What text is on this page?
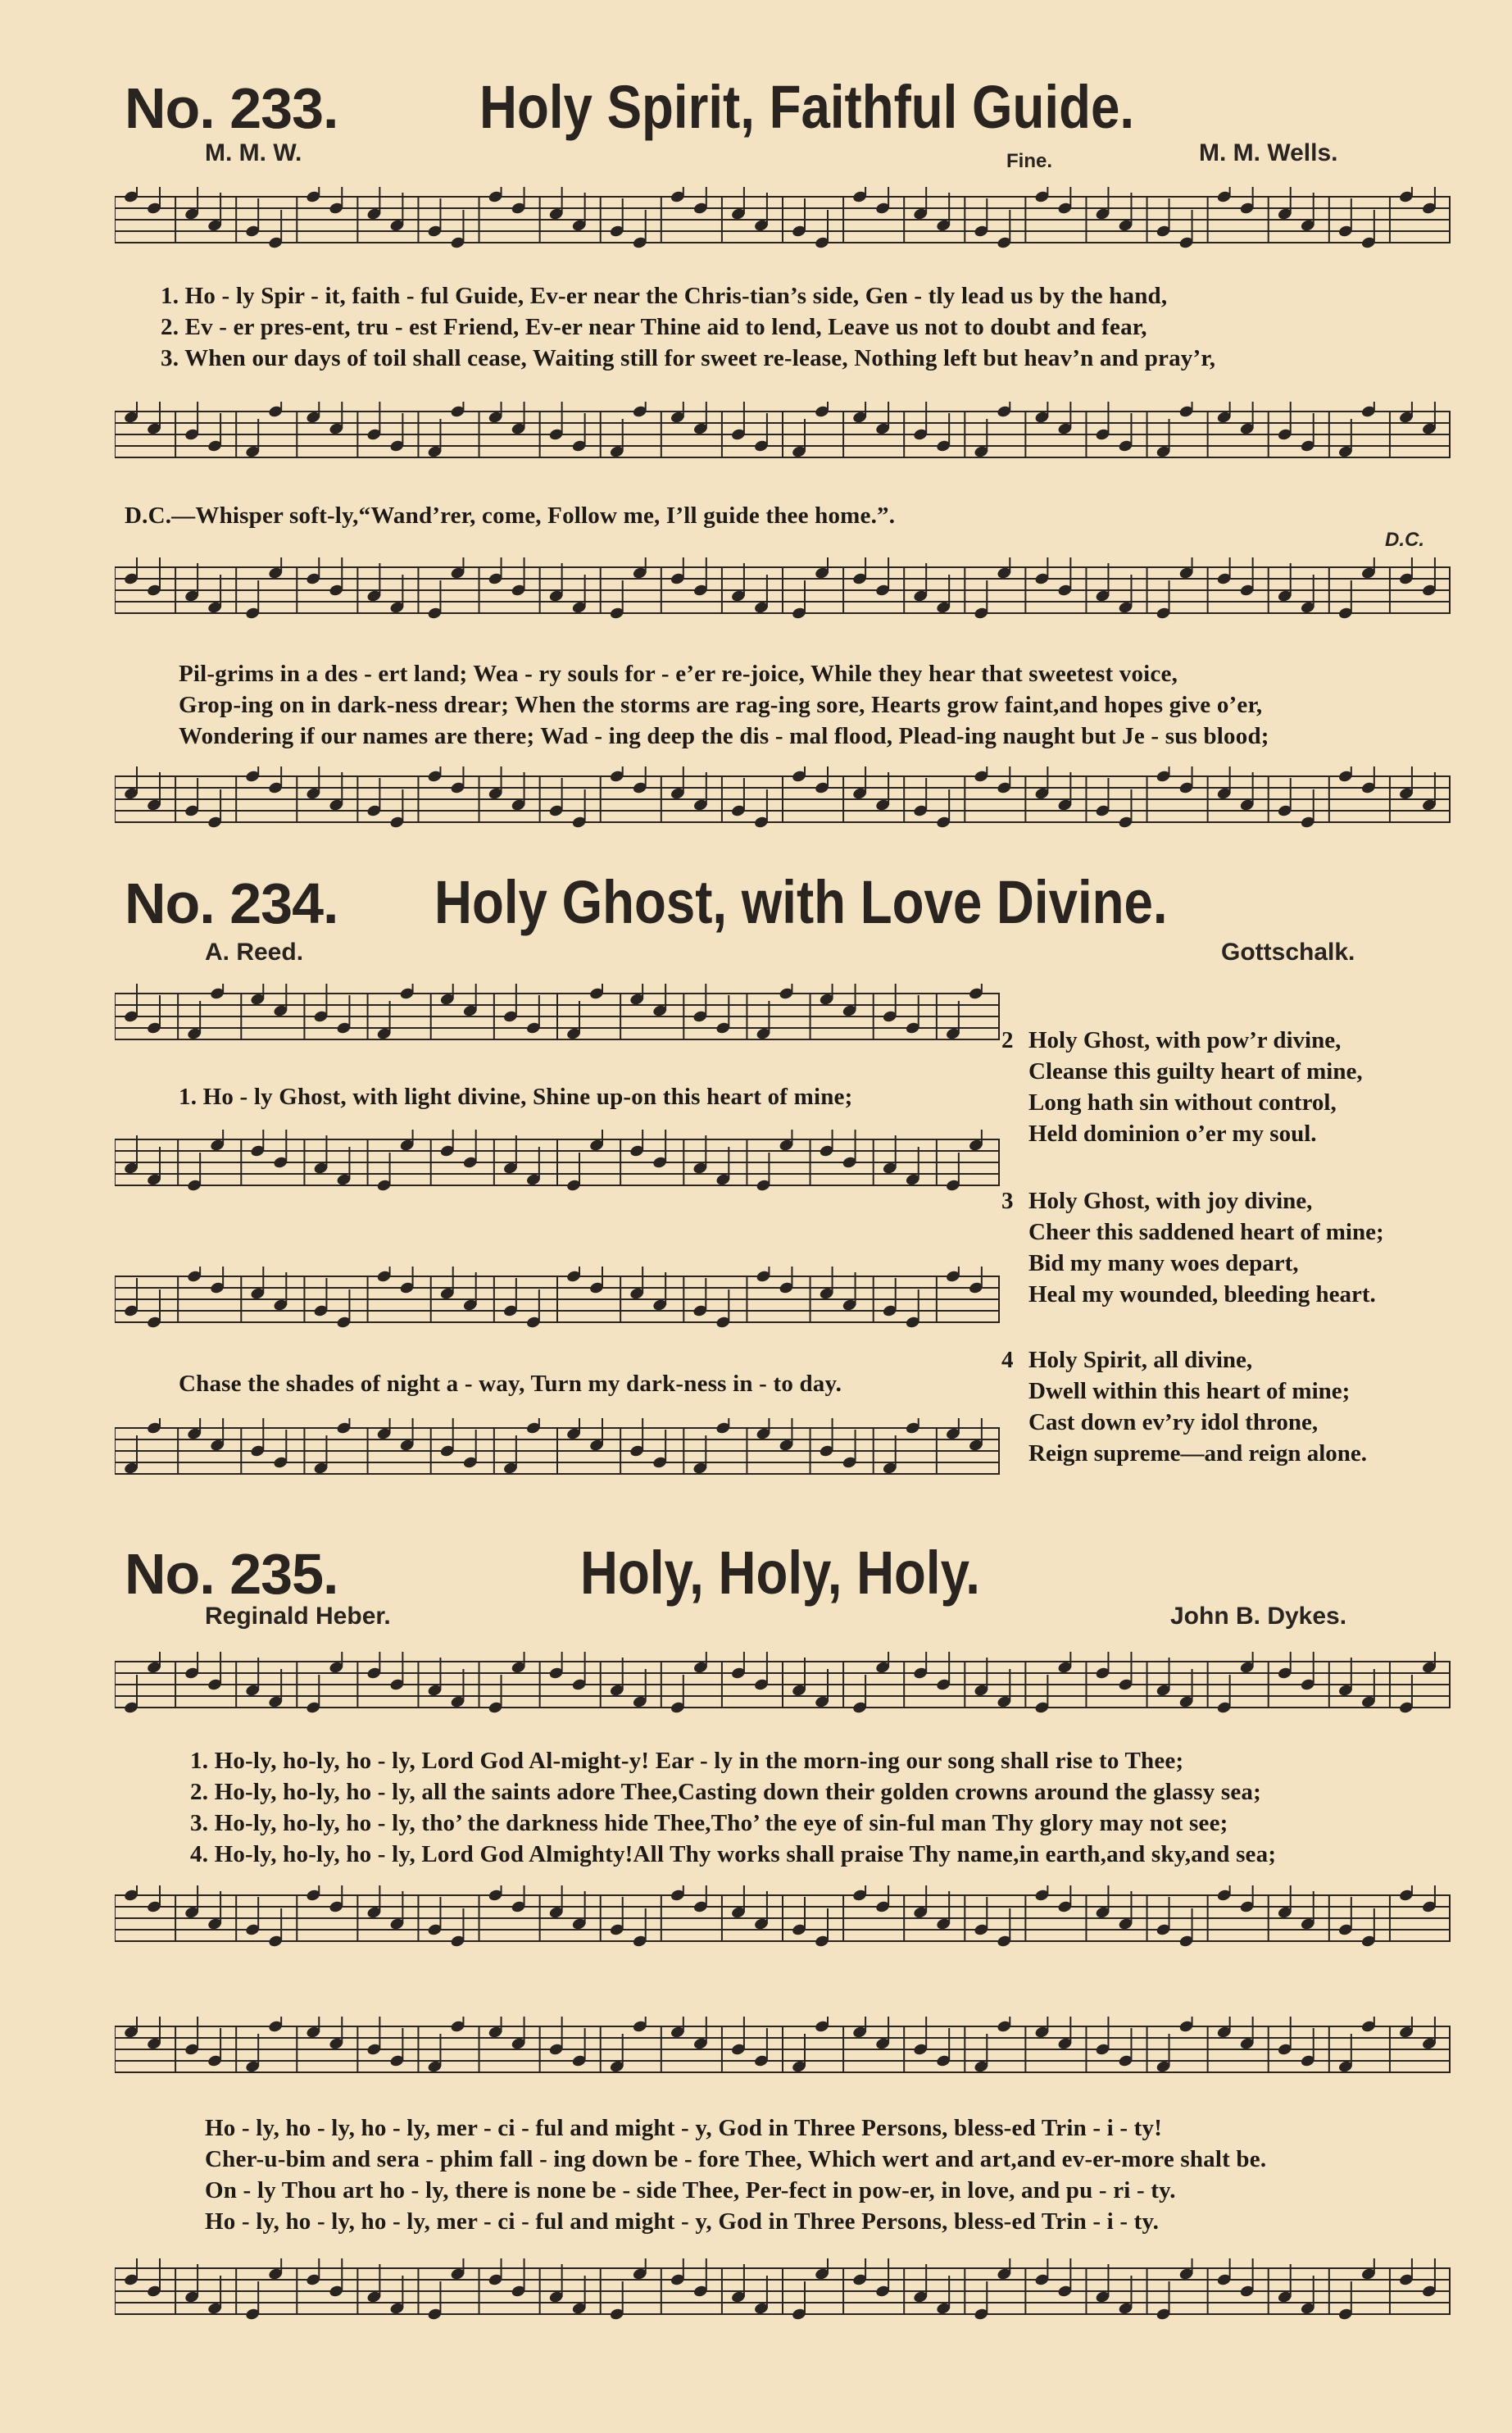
No. 233. Holy Spirit, Faithful Guide.
M. M. W.	Fine.	M. M. Wells.
1. Ho - ly Spir - it, faith - ful Guide, Ev-er near the Chris-tian’s side, Gen - tly lead us by the hand,
2. Ev - er pres-ent, tru - est Friend, Ev-er near Thine aid to lend, Leave us not to doubt and fear,
3. When our days of toil shall cease, Waiting still for sweet re-lease, Nothing left but heav’n and pray’r,
D.C.—Whisper soft-ly,“Wand’rer, come, Follow me, I’ll guide thee home.”.
D.C.
Pil-grims in a des - ert land; Wea - ry souls for - e’er re-joice, While they hear that sweetest voice,
Grop-ing on in dark-ness drear; When the storms are rag-ing sore, Hearts grow faint,and hopes give o’er,
Wondering if our names are there; Wad - ing deep the dis - mal flood, Plead-ing naught but Je - sus blood;
No. 234. Holy Ghost, with Love Divine.
A. Reed.	Gottschalk.
1. Ho - ly Ghost, with light divine, Shine up-on this heart of mine;
Chase the shades of night a - way, Turn my dark-ness in - to day.
2 Holy Ghost, with pow’r divine,
Cleanse this guilty heart of mine,
Long hath sin without control,
Held dominion o’er my soul.
3 Holy Ghost, with joy divine,
Cheer this saddened heart of mine;
Bid my many woes depart,
Heal my wounded, bleeding heart.
4 Holy Spirit, all divine,
Dwell within this heart of mine;
Cast down ev’ry idol throne,
Reign supreme—and reign alone.
No. 235.	Holy, Holy, Holy.
Reginald Heber.	John B. Dykes.
1. Ho-ly, ho-ly, ho - ly, Lord God Al-might-y! Ear - ly in the morn-ing our song shall rise to Thee;
2. Ho-ly, ho-ly, ho - ly, all the saints adore Thee,Casting down their golden crowns around the glassy sea;
3. Ho-ly, ho-ly, ho - ly, tho’ the darkness hide Thee,Tho’ the eye of sin-ful man Thy glory may not see;
4. Ho-ly, ho-ly, ho - ly, Lord God Almighty!All Thy works shall praise Thy name,in earth,and sky,and sea;
Ho - ly, ho - ly, ho - ly, mer - ci - ful and might - y, God in Three Persons, bless-ed Trin - i - ty!
Cher-u-bim and sera - phim fall - ing down be - fore Thee, Which wert and art,and ev-er-more shalt be.
On - ly Thou art ho - ly, there is none be - side Thee, Per-fect in pow-er, in love, and pu - ri - ty.
Ho - ly, ho - ly, ho - ly, mer - ci - ful and might - y, God in Three Persons, bless-ed Trin - i - ty.
